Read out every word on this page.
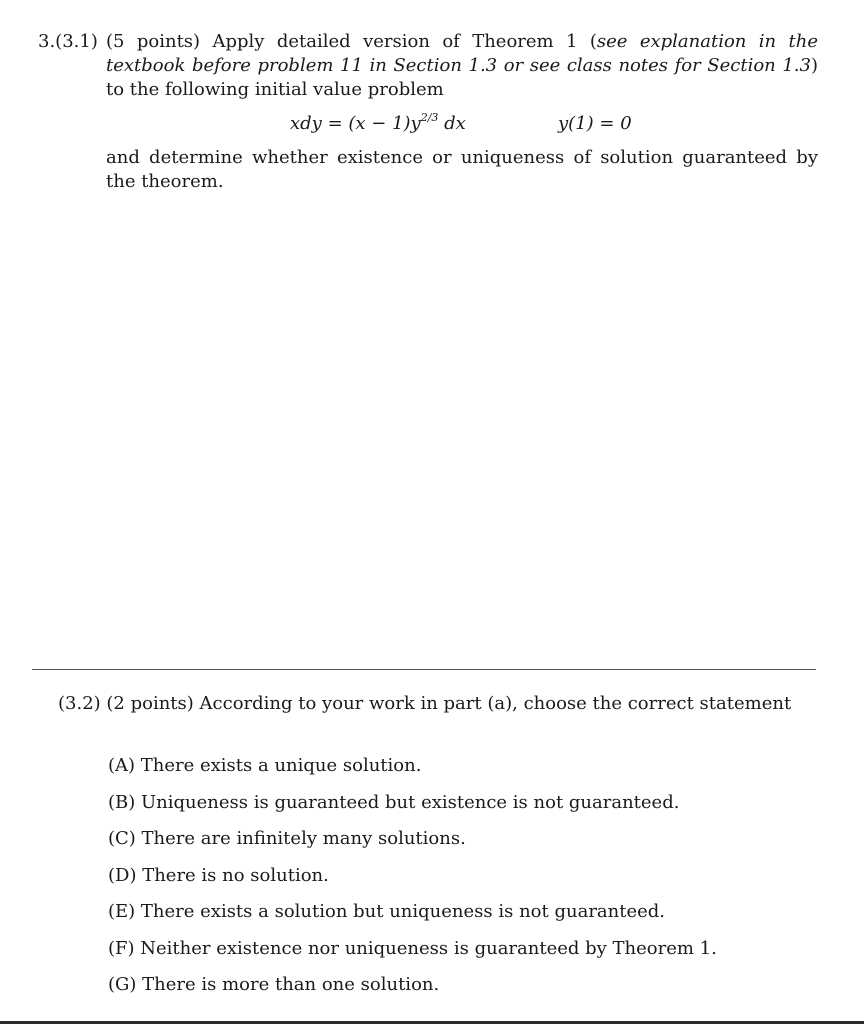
3.(3.1) (5 points) Apply detailed version of Theorem 1 (see explanation in the textbook before problem 11 in Section 1.3 or see class notes for Section 1.3) to the following initial value problem
xdy = $(x - 1)y^{2/3}$ dx	y(1) = 0
and determine whether existence or uniqueness of solution guaranteed by the theorem.
(3.2) (2 points) According to your work in part (a), choose the correct statement
(A) There exists a unique solution.
(B) Uniqueness is guaranteed but existence is not guaranteed.
(C) There are infinitely many solutions.
(D) There is no solution.
(E) There exists a solution but uniqueness is not guaranteed.
(F) Neither existence nor uniqueness is guaranteed by Theorem 1.
(G) There is more than one solution.
